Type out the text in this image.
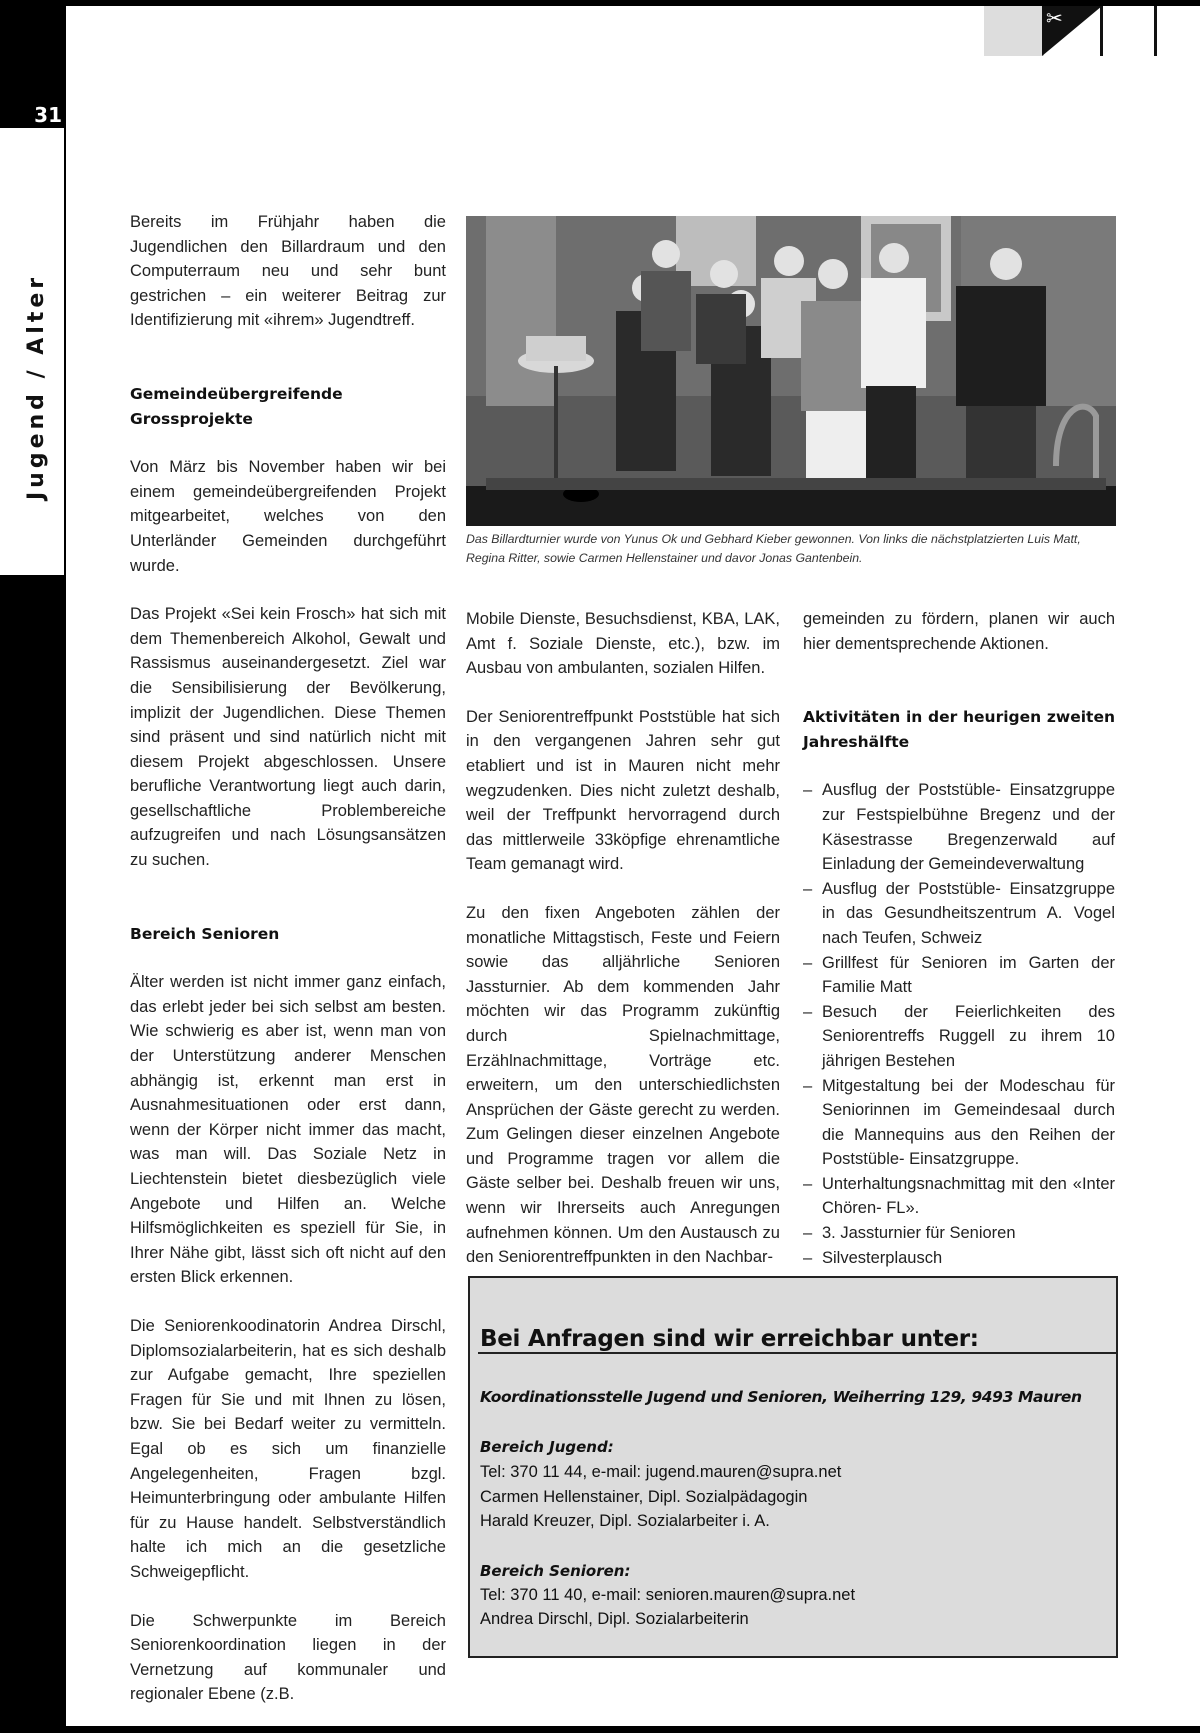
✂

Bereits im Frühjahr haben die Jugendlichen den Billardraum und den Computerraum neu und sehr bunt gestrichen – ein weiterer Beitrag zur Identifizierung mit «ihrem» Jugendtreff.

Gemeindeübergreifende Grossprojekte

Von März bis November haben wir bei einem gemeindeübergreifenden Projekt mitgearbeitet, welches von den Unterländer Gemeinden durchgeführt wurde.

Das Projekt «Sei kein Frosch» hat sich mit dem Themenbereich Alkohol, Gewalt und Rassismus auseinandergesetzt. Ziel war die Sensibilisierung der Bevölkerung, implizit der Jugendlichen. Diese Themen sind präsent und sind natürlich nicht mit diesem Projekt abgeschlossen. Unsere berufliche Verantwortung liegt auch darin, gesellschaftliche Problembereiche aufzugreifen und nach Lösungsansätzen zu suchen.

Bereich Senioren

Älter werden ist nicht immer ganz einfach, das erlebt jeder bei sich selbst am besten. Wie schwierig es aber ist, wenn man von der Unterstützung anderer Menschen abhängig ist, erkennt man erst in Ausnahmesituationen oder erst dann, wenn der Körper nicht immer das macht, was man will. Das Soziale Netz in Liechtenstein bietet diesbezüglich viele Angebote und Hilfen an. Welche Hilfsmöglichkeiten es speziell für Sie, in Ihrer Nähe gibt, lässt sich oft nicht auf den ersten Blick erkennen.

Die Seniorenkoodinatorin Andrea Dirschl, Diplomsozialarbeiterin, hat es sich deshalb zur Aufgabe gemacht, Ihre speziellen Fragen für Sie und mit Ihnen zu lösen, bzw. Sie bei Bedarf weiter zu vermitteln. Egal ob es sich um finanzielle Angelegenheiten, Fragen bzgl. Heimunterbringung oder ambulante Hilfen für zu Hause handelt. Selbstverständlich halte ich mich an die gesetzliche Schweigepflicht.

Die Schwerpunkte im Bereich Seniorenkoordination liegen in der Vernetzung auf kommunaler und regionaler Ebene (z.B.

Das Billardturnier wurde von Yunus Ok und Gebhard Kieber gewonnen. Von links die nächstplatzierten Luis Matt, Regina Ritter, sowie Carmen Hellenstainer und davor Jonas Gantenbein.

Mobile Dienste, Besuchsdienst, KBA, LAK, Amt f. Soziale Dienste, etc.), bzw. im Ausbau von ambulanten, sozialen Hilfen.

Der Seniorentreffpunkt Poststüble hat sich in den vergangenen Jahren sehr gut etabliert und ist in Mauren nicht mehr wegzudenken. Dies nicht zuletzt deshalb, weil der Treffpunkt hervorragend durch das mittlerweile 33köpfige ehrenamtliche Team gemanagt wird.

Zu den fixen Angeboten zählen der monatliche Mittagstisch, Feste und Feiern sowie das alljährliche Senioren Jassturnier. Ab dem kommenden Jahr möchten wir das Programm zukünftig durch Spielnachmittage, Erzählnachmittage, Vorträge etc. erweitern, um den unterschiedlichsten Ansprüchen der Gäste gerecht zu werden. Zum Gelingen dieser einzelnen Angebote und Programme tragen vor allem die Gäste selber bei. Deshalb freuen wir uns, wenn wir Ihrerseits auch Anregungen aufnehmen können. Um den Austausch zu den Seniorentreffpunkten in den Nachbar-

gemeinden zu fördern, planen wir auch hier dementsprechende Aktionen.

Aktivitäten in der heurigen zweiten Jahreshälfte
– Ausflug der Poststüble- Einsatzgruppe zur Festspielbühne Bregenz und der Käsestrasse Bregenzerwald auf Einladung der Gemeindeverwaltung
– Ausflug der Poststüble- Einsatzgruppe in das Gesundheitszentrum A. Vogel nach Teufen, Schweiz
– Grillfest für Senioren im Garten der Familie Matt
– Besuch der Feierlichkeiten des Seniorentreffs Ruggell zu ihrem 10 jährigen Bestehen
– Mitgestaltung bei der Modeschau für Seniorinnen im Gemeindesaal durch die Mannequins aus den Reihen der Poststüble- Einsatzgruppe.
– Unterhaltungsnachmittag mit den «Inter Chören- FL».
– 3. Jassturnier für Senioren
– Silvesterplausch
Bei Anfragen sind wir erreichbar unter:
Koordinationsstelle Jugend und Senioren, Weiherring 129, 9493 Mauren
Bereich Jugend:
Tel: 370 11 44, e-mail: jugend.mauren@supra.net
Carmen Hellenstainer, Dipl. Sozialpädagogin
Harald Kreuzer, Dipl. Sozialarbeiter i. A.
Bereich Senioren:
Tel: 370 11 40, e-mail: senioren.mauren@supra.net
Andrea Dirschl, Dipl. Sozialarbeiterin
31
Jugend / Alter
